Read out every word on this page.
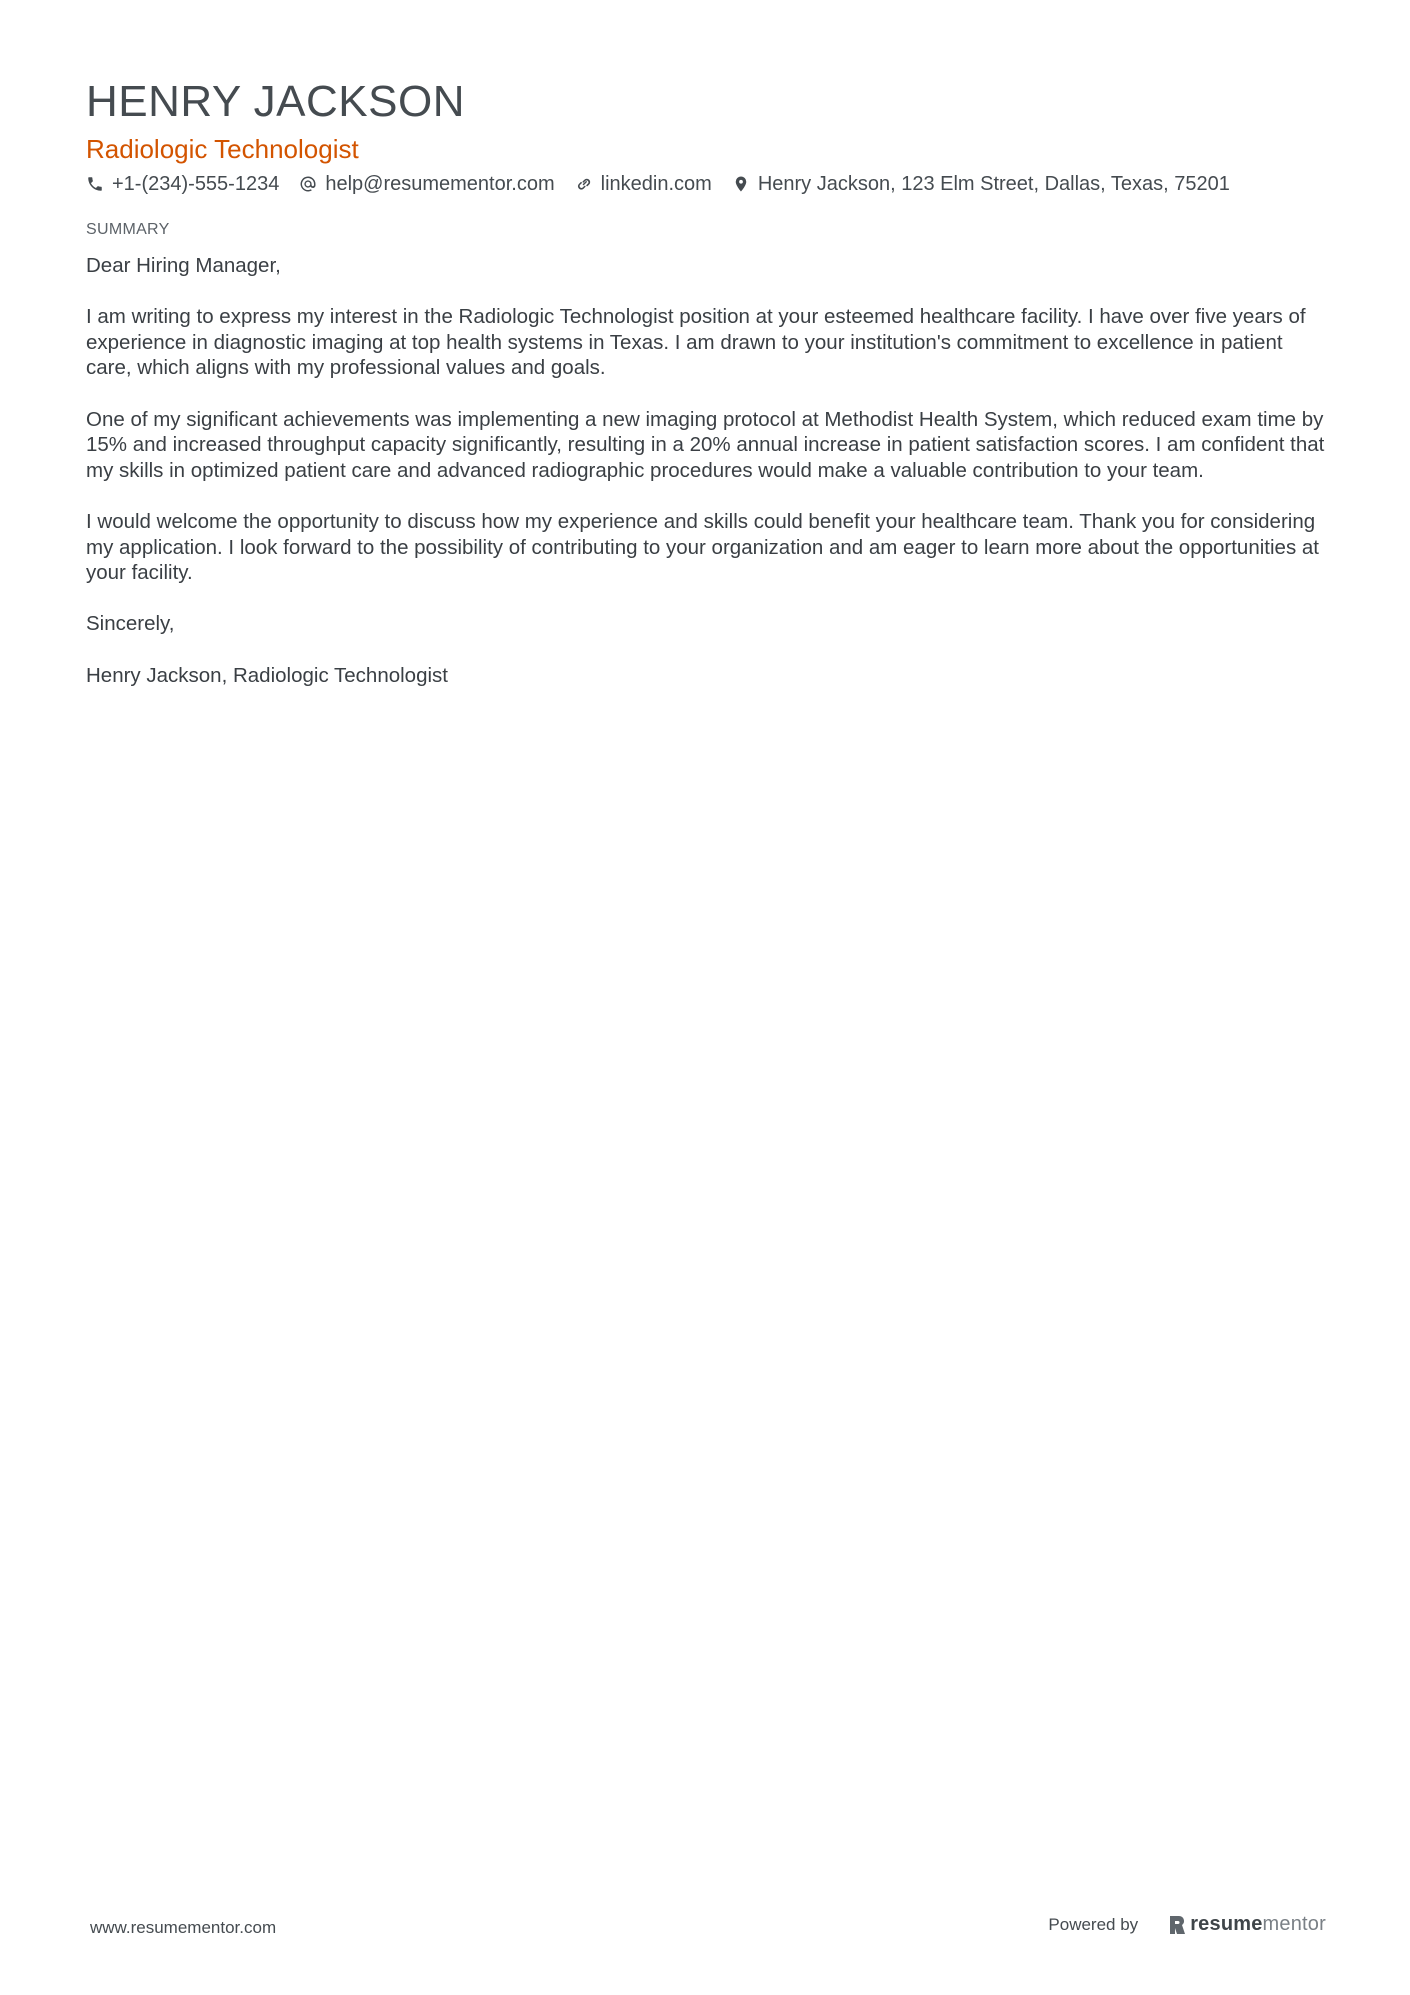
HENRY JACKSON
Radiologic Technologist
+1-(234)-555-1234 help@resumementor.com linkedin.com Henry Jackson, 123 Elm Street, Dallas, Texas, 75201
SUMMARY

Dear Hiring Manager,

I am writing to express my interest in the Radiologic Technologist position at your esteemed healthcare facility. I have over five years of experience in diagnostic imaging at top health systems in Texas. I am drawn to your institution's commitment to excellence in patient care, which aligns with my professional values and goals.

One of my significant achievements was implementing a new imaging protocol at Methodist Health System, which reduced exam time by 15% and increased throughput capacity significantly, resulting in a 20% annual increase in patient satisfaction scores. I am confident that my skills in optimized patient care and advanced radiographic procedures would make a valuable contribution to your team.

I would welcome the opportunity to discuss how my experience and skills could benefit your healthcare team. Thank you for considering my application. I look forward to the possibility of contributing to your organization and am eager to learn more about the opportunities at your facility.

Sincerely,

Henry Jackson, Radiologic Technologist

www.resumementor.com	Powered by	resumementor
